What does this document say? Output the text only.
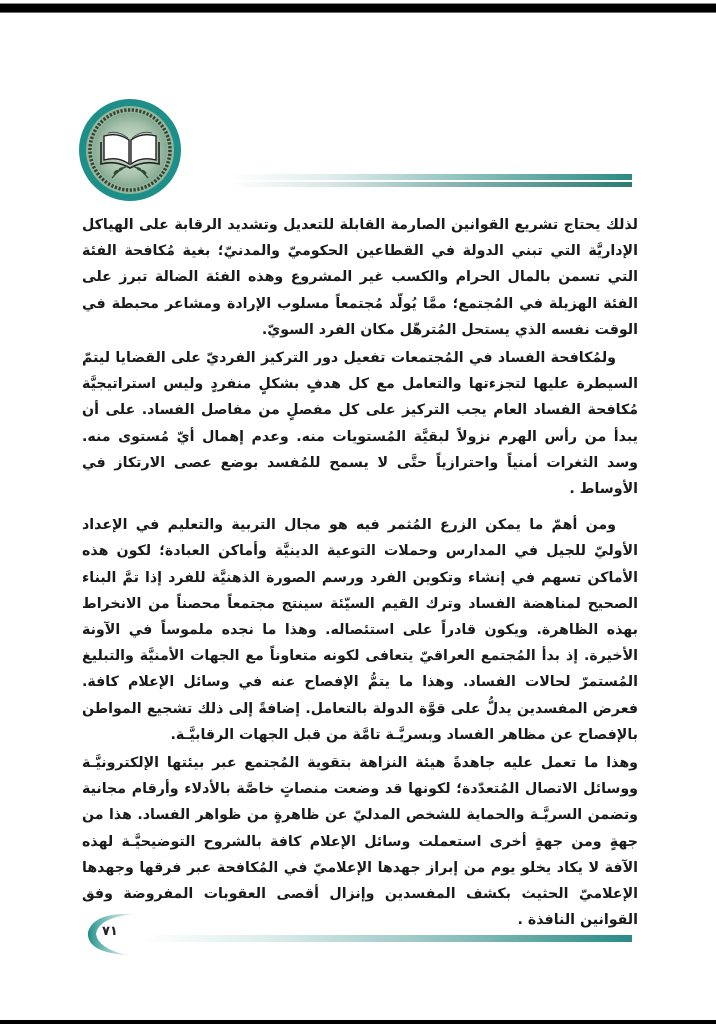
لذلك يحتاج تشريع القوانين الصارمة القابلة للتعديل وتشديد الرقابة على الهياكل الإداريَّة التي تبني الدولة في القطاعين الحكوميّ والمدنيّ؛ بغية مُكافحة الفئة التي تسمن بالمال الحرام والكسب غير المشروع وهذه الفئة الضالة تبرز على الفئة الهزيلة في المُجتمع؛ ممَّا يُولّد مُجتمعاً مسلوب الإرادة ومشاعر محبطة في الوقت نفسه الذي يستحل المُترهّل مكان الفرد السويّ.

ولمُكافحة الفساد في المُجتمعات تفعيل دور التركيز الفرديّ على القضايا ليتمّ السيطرة عليها لتجزءتها والتعامل مع كل هدفٍ بشكلٍ منفردٍ وليس استراتيجيَّة مُكافحة الفساد العام يجب التركيز على كل مفصلٍ من مفاصل الفساد. على أن يبدأ من رأس الهرم نزولاً لبقيَّة المُستويات منه. وعدم إهمال أيّ مُستوى منه. وسد الثغرات أمنياً واحترازياً حتَّى لا يسمح للمُفسد بوضع عصى الارتكاز في الأوساط .

ومن أهمّ ما يمكن الزرع المُثمر فيه هو مجال التربية والتعليم في الإعداد الأوليّ للجيل في المدارس وحملات التوعية الدينيَّة وأماكن العبادة؛ لكون هذه الأماكن تسهم في إنشاء وتكوين الفرد ورسم الصورة الذهنيَّة للفرد إذا تمَّ البناء الصحيح لمناهضة الفساد وترك القيم السيّئة سينتج مجتمعاً محصناً من الانخراط بهذه الظاهرة. ويكون قادراً على استئصاله. وهذا ما نجده ملموساً في الآونة الأخيرة. إذ بدأ المُجتمع العراقيّ يتعافى لكونه متعاوناً مع الجهات الأمنيَّة والتبليغ المُستمرّ لحالات الفساد. وهذا ما يتمُّ الإفصاح عنه في وسائل الإعلام كافة. فعرض المفسدين يدلُّ على قوَّة الدولة بالتعامل. إضافةً إلى ذلك تشجيع المواطن بالإفصاح عن مظاهر الفساد وبسريَّـة تامَّة من قبل الجهات الرقابيَّـة.

وهذا ما تعمل عليه جاهدةً هيئة النزاهة بتقوية المُجتمع عبر بيئتها الإلكترونيَّـة ووسائل الاتصال المُتعدّدة؛ لكونها قد وضعت منصاتٍ خاصَّة بالأدلاء وأرقام مجانية وتضمن السريَّـة والحماية للشخص المدليّ عن ظاهرةٍ من ظواهر الفساد. هذا من جهةٍ ومن جهةٍ أخرى استعملت وسائل الإعلام كافة بالشروح التوضيحيَّـة لهذه الآفة لا يكاد يخلو يوم من إبراز جهدها الإعلاميّ في المُكافحة عبر فرقها وجهدها الإعلاميّ الحثيث بكشف المفسدين وإنزال أقصى العقوبات المفروضة وفق القوانين النافذة .

٧١
